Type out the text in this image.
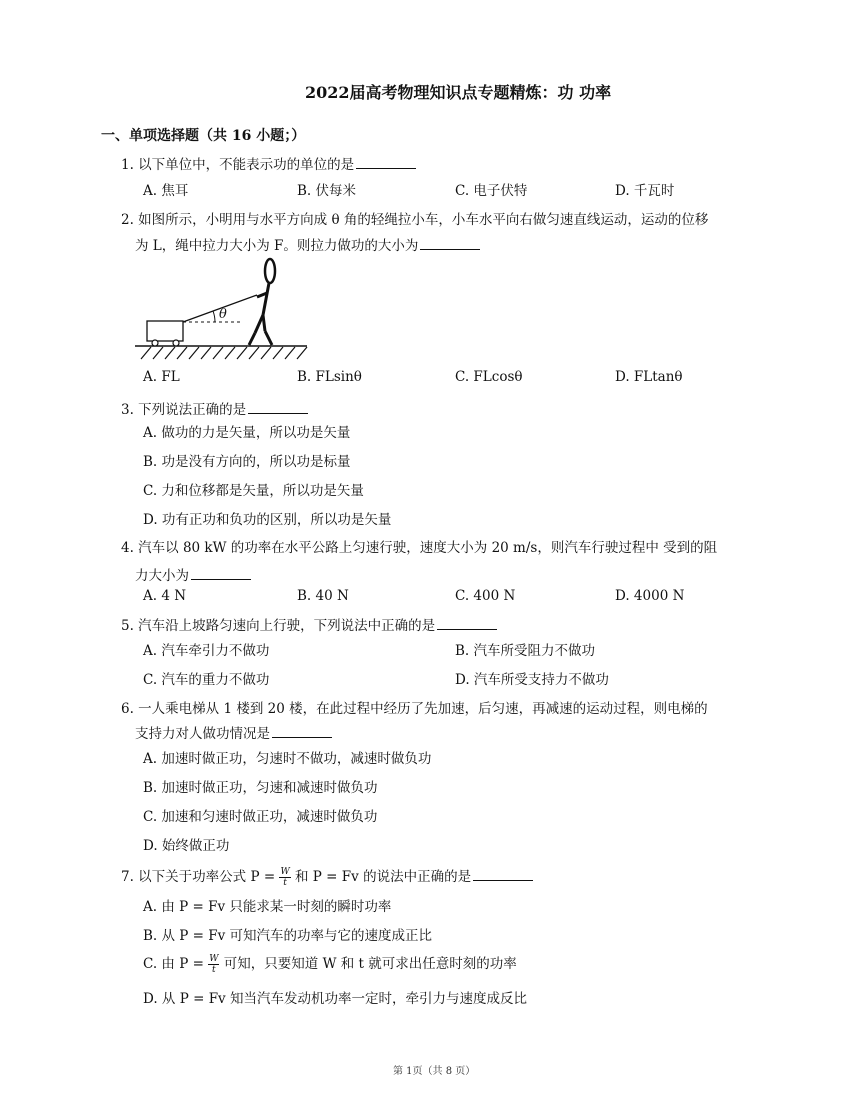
2022届高考物理知识点专题精炼：功 功率
一、单项选择题（共 16 小题；）
1. 以下单位中，不能表示功的单位的是
A. 焦耳	B. 伏每米	C. 电子伏特	D. 千瓦时
2. 如图所示，小明用与水平方向成 θ 角的轻绳拉小车，小车水平向右做匀速直线运动，运动的位移
为 L，绳中拉力大小为 F。则拉力做功的大小为
θ
A. FL	B. FLsinθ	C. FLcosθ	D. FLtanθ
3. 下列说法正确的是
A. 做功的力是矢量，所以功是矢量
B. 功是没有方向的，所以功是标量
C. 力和位移都是矢量，所以功是矢量
D. 功有正功和负功的区别，所以功是矢量
4. 汽车以 80 kW 的功率在水平公路上匀速行驶，速度大小为 20 m/s，则汽车行驶过程中 受到的阻
力大小为
A. 4 N	B. 40 N	C. 400 N	D. 4000 N
5. 汽车沿上坡路匀速向上行驶，下列说法中正确的是
A. 汽车牵引力不做功	B. 汽车所受阻力不做功
C. 汽车的重力不做功	D. 汽车所受支持力不做功
6. 一人乘电梯从 1 楼到 20 楼，在此过程中经历了先加速，后匀速，再减速的运动过程，则电梯的
支持力对人做功情况是
A. 加速时做正功，匀速时不做功，减速时做负功
B. 加速时做正功，匀速和减速时做负功
C. 加速和匀速时做正功，减速时做负功
D. 始终做正功
7. 以下关于功率公式 $P = \frac{W}{t}$ 和 P = Fv 的说法中正确的是
A. 由 P = Fv 只能求某一时刻的瞬时功率
B. 从 P = Fv 可知汽车的功率与它的速度成正比
C. 由 $P = \frac{W}{t}$ 可知，只要知道 W 和 t 就可求出任意时刻的功率
D. 从 P = Fv 知当汽车发动机功率一定时，牵引力与速度成反比
第 1页（共 8 页）
